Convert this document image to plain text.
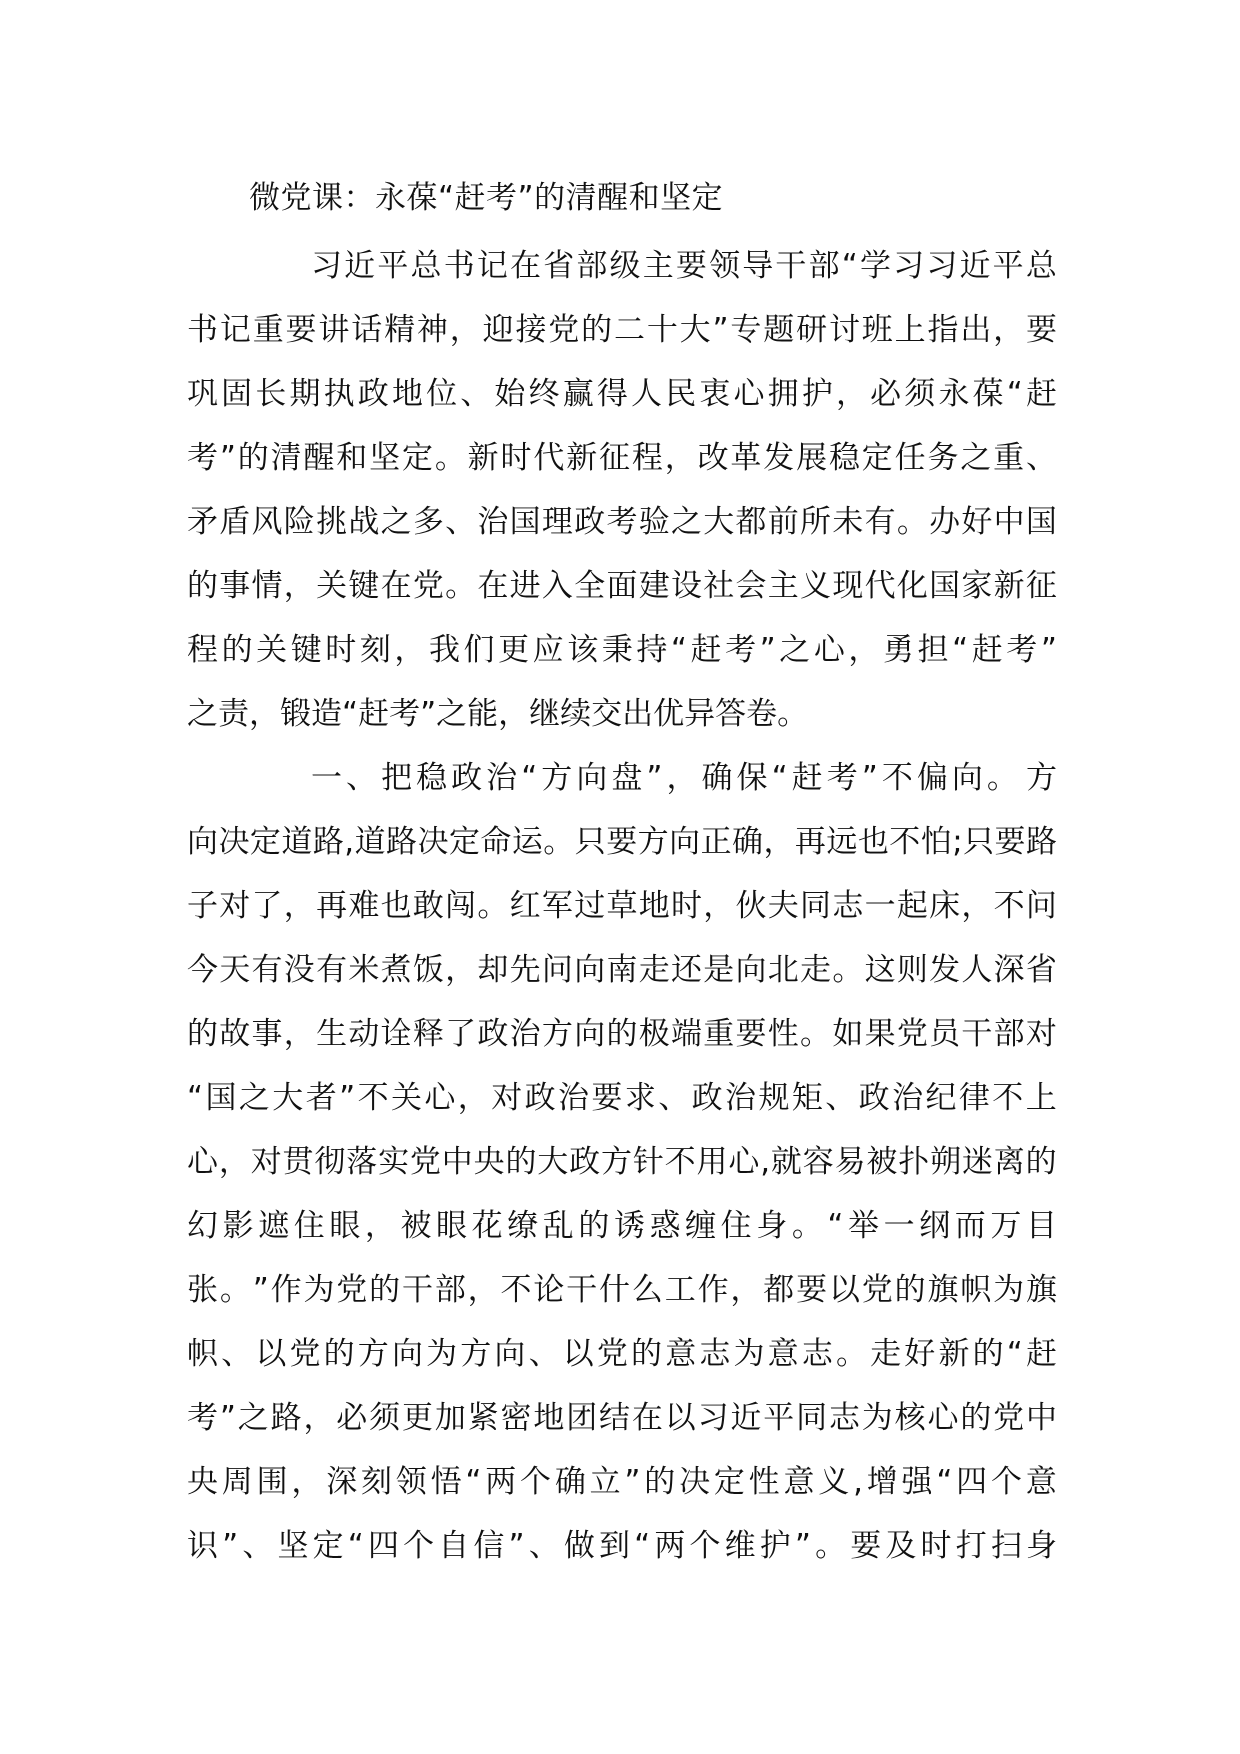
微党课：永葆“赶考”的清醒和坚定
习 近 平 总 书 记 在 省 部 级 主 要 领 导 干 部 “ 学 习 习 近 平 总
书 记 重 要 讲 话 精 神 ， 迎 接 党 的 二 十 大 ” 专 题 研 讨 班 上 指 出 ， 要
巩 固 长 期 执 政 地 位 、 始 终 赢 得 人 民 衷 心 拥 护 ， 必 须 永 葆 “ 赶
考 ” 的 清 醒 和 坚 定 。 新 时 代 新 征 程 ， 改 革 发 展 稳 定 任 务 之 重 、
矛 盾 风 险 挑 战 之 多 、 治 国 理 政 考 验 之 大 都 前 所 未 有 。 办 好 中 国
的 事 情 ， 关 键 在 党 。 在 进 入 全 面 建 设 社 会 主 义 现 代 化 国 家 新 征
程 的 关 键 时 刻 ， 我 们 更 应 该 秉 持 “ 赶 考 ” 之 心 ， 勇 担 “ 赶 考 ”
之 责 ， 锻 造 “ 赶 考 ” 之 能 ， 继 续 交 出 优 异 答 卷 。
一 、 把 稳 政 治 “ 方 向 盘 ” ， 确 保 “ 赶 考 ” 不 偏 向 。 方
向 决 定 道 路 , 道 路 决 定 命 运 。 只 要 方 向 正 确 ， 再 远 也 不 怕 ; 只 要 路
子 对 了 ， 再 难 也 敢 闯 。 红 军 过 草 地 时 ， 伙 夫 同 志 一 起 床 ， 不 问
今 天 有 没 有 米 煮 饭 ， 却 先 问 向 南 走 还 是 向 北 走 。 这 则 发 人 深 省
的 故 事 ， 生 动 诠 释 了 政 治 方 向 的 极 端 重 要 性 。 如 果 党 员 干 部 对
“ 国 之 大 者 ” 不 关 心 ， 对 政 治 要 求 、 政 治 规 矩 、 政 治 纪 律 不 上
心 ， 对 贯 彻 落 实 党 中 央 的 大 政 方 针 不 用 心 , 就 容 易 被 扑 朔 迷 离 的
幻 影 遮 住 眼 ， 被 眼 花 缭 乱 的 诱 惑 缠 住 身 。 “ 举 一 纲 而 万 目
张 。 ” 作 为 党 的 干 部 ， 不 论 干 什 么 工 作 ， 都 要 以 党 的 旗 帜 为 旗
帜 、 以 党 的 方 向 为 方 向 、 以 党 的 意 志 为 意 志 。 走 好 新 的 “ 赶
考 ” 之 路 ， 必 须 更 加 紧 密 地 团 结 在 以 习 近 平 同 志 为 核 心 的 党 中
央 周 围 ， 深 刻 领 悟 “ 两 个 确 立 ” 的 决 定 性 意 义 , 增 强 “ 四 个 意
识 ” 、 坚 定 “ 四 个 自 信 ” 、 做 到 “ 两 个 维 护 ” 。 要 及 时 打 扫 身
